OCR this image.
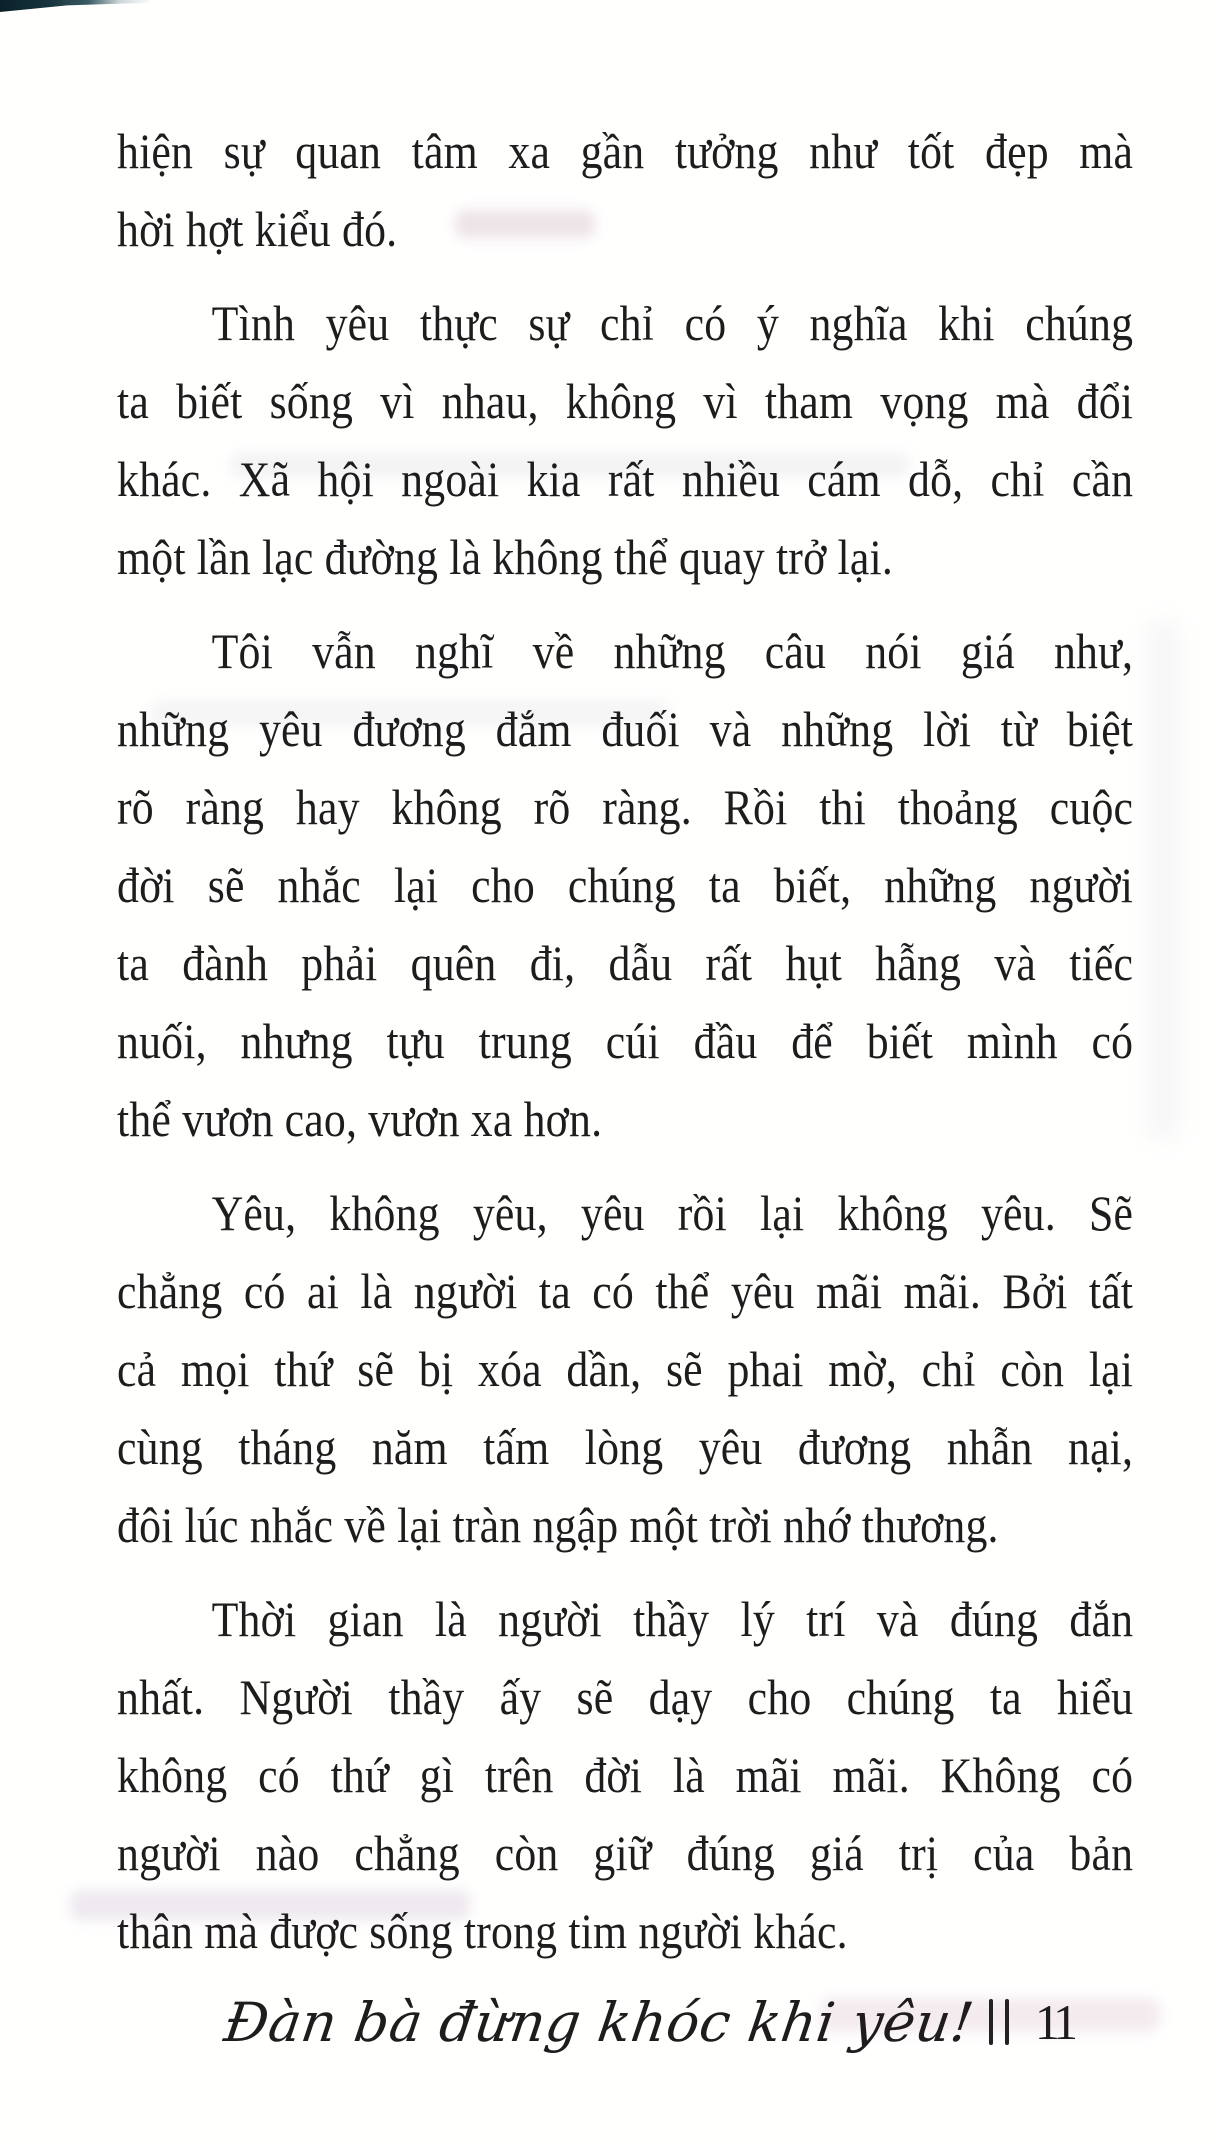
hiện sự quan tâm xa gần tưởng như tốt đẹp mà
hời hợt kiểu đó.
Tình yêu thực sự chỉ có ý nghĩa khi chúng
ta biết sống vì nhau, không vì tham vọng mà đổi
khác. Xã hội ngoài kia rất nhiều cám dỗ, chỉ cần
một lần lạc đường là không thể quay trở lại.
Tôi vẫn nghĩ về những câu nói giá như,
những yêu đương đắm đuối và những lời từ biệt
rõ ràng hay không rõ ràng. Rồi thi thoảng cuộc
đời sẽ nhắc lại cho chúng ta biết, những người
ta đành phải quên đi, dẫu rất hụt hẫng và tiếc
nuối, nhưng tựu trung cúi đầu để biết mình có
thể vươn cao, vươn xa hơn.
Yêu, không yêu, yêu rồi lại không yêu. Sẽ
chẳng có ai là người ta có thể yêu mãi mãi. Bởi tất
cả mọi thứ sẽ bị xóa dần, sẽ phai mờ, chỉ còn lại
cùng tháng năm tấm lòng yêu đương nhẫn nại,
đôi lúc nhắc về lại tràn ngập một trời nhớ thương.
Thời gian là người thầy lý trí và đúng đắn
nhất. Người thầy ấy sẽ dạy cho chúng ta hiểu
không có thứ gì trên đời là mãi mãi. Không có
người nào chẳng còn giữ đúng giá trị của bản
thân mà được sống trong tim người khác.
Đàn bà đừng khóc khi yêu! 11
